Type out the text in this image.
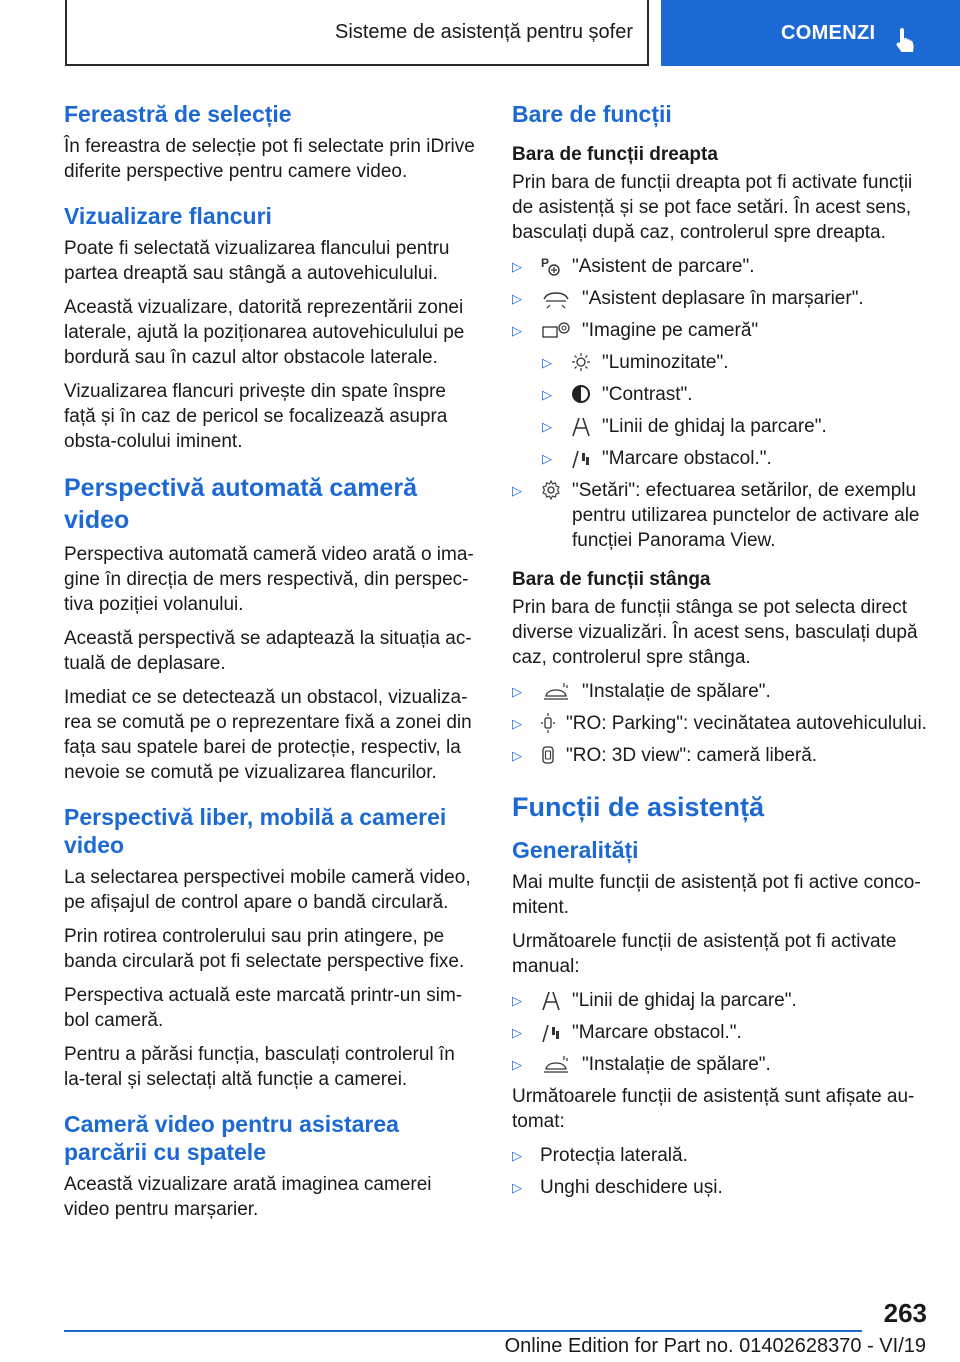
Sisteme de asistență pentru șofer	COMENZI
Fereastră de selecție

În fereastra de selecție pot fi selectate prin iDrive diferite perspective pentru camere video.

Vizualizare flancuri

Poate fi selectată vizualizarea flancului pentru partea dreaptă sau stângă a autovehiculului.

Această vizualizare, datorită reprezentării zonei laterale, ajută la poziționarea autovehiculului pe bordură sau în cazul altor obstacole laterale.

Vizualizarea flancuri privește din spate înspre față și în caz de pericol se focalizează asupra obsta-colului iminent.

Perspectivă automată cameră video

Perspectiva automată cameră video arată o ima-gine în direcția de mers respectivă, din perspec-tiva poziției volanului.

Această perspectivă se adaptează la situația ac-tuală de deplasare.

Imediat ce se detectează un obstacol, vizualiza-rea se comută pe o reprezentare fixă a zonei din fața sau spatele barei de protecție, respectiv, la nevoie se comută pe vizualizarea flancurilor.

Perspectivă liber, mobilă a camerei video

La selectarea perspectivei mobile cameră video, pe afișajul de control apare o bandă circulară.

Prin rotirea controlerului sau prin atingere, pe banda circulară pot fi selectate perspective fixe.

Perspectiva actuală este marcată printr-un sim-bol cameră.

Pentru a părăsi funcția, basculați controlerul în la-teral și selectați altă funcție a camerei.

Cameră video pentru asistarea parcării cu spatele

Această vizualizare arată imaginea camerei video pentru marșarier.

Bare de funcții
Bara de funcții dreapta

Prin bara de funcții dreapta pot fi activate funcții de asistență și se pot face setări. În acest sens, basculați după caz, controlerul spre dreapta.

▷	P "Asistent de parcare".
▷	"Asistent deplasare în marșarier".
▷	"Imagine pe cameră"
▷	"Luminozitate".
▷	"Contrast".
▷	"Linii de ghidaj la parcare".
▷	"Marcare obstacol.".
▷	"Setări": efectuarea setărilor, de exemplu pentru utilizarea punctelor de activare ale funcției Panorama View.
Bara de funcții stânga

Prin bara de funcții stânga se pot selecta direct diverse vizualizări. În acest sens, basculați după caz, controlerul spre stânga.

▷	"Instalație de spălare".
▷	"RO: Parking": vecinătatea autovehiculului.
▷	"RO: 3D view": cameră liberă.
Funcții de asistență
Generalități

Mai multe funcții de asistență pot fi active conco-mitent.

Următoarele funcții de asistență pot fi activate manual:

▷	"Linii de ghidaj la parcare".
▷	"Marcare obstacol.".
▷	"Instalație de spălare".

Următoarele funcții de asistență sunt afișate au-tomat:

▷ Protecția laterală.
▷ Unghi deschidere uși.
263
Online Edition for Part no. 01402628370 - VI/19
